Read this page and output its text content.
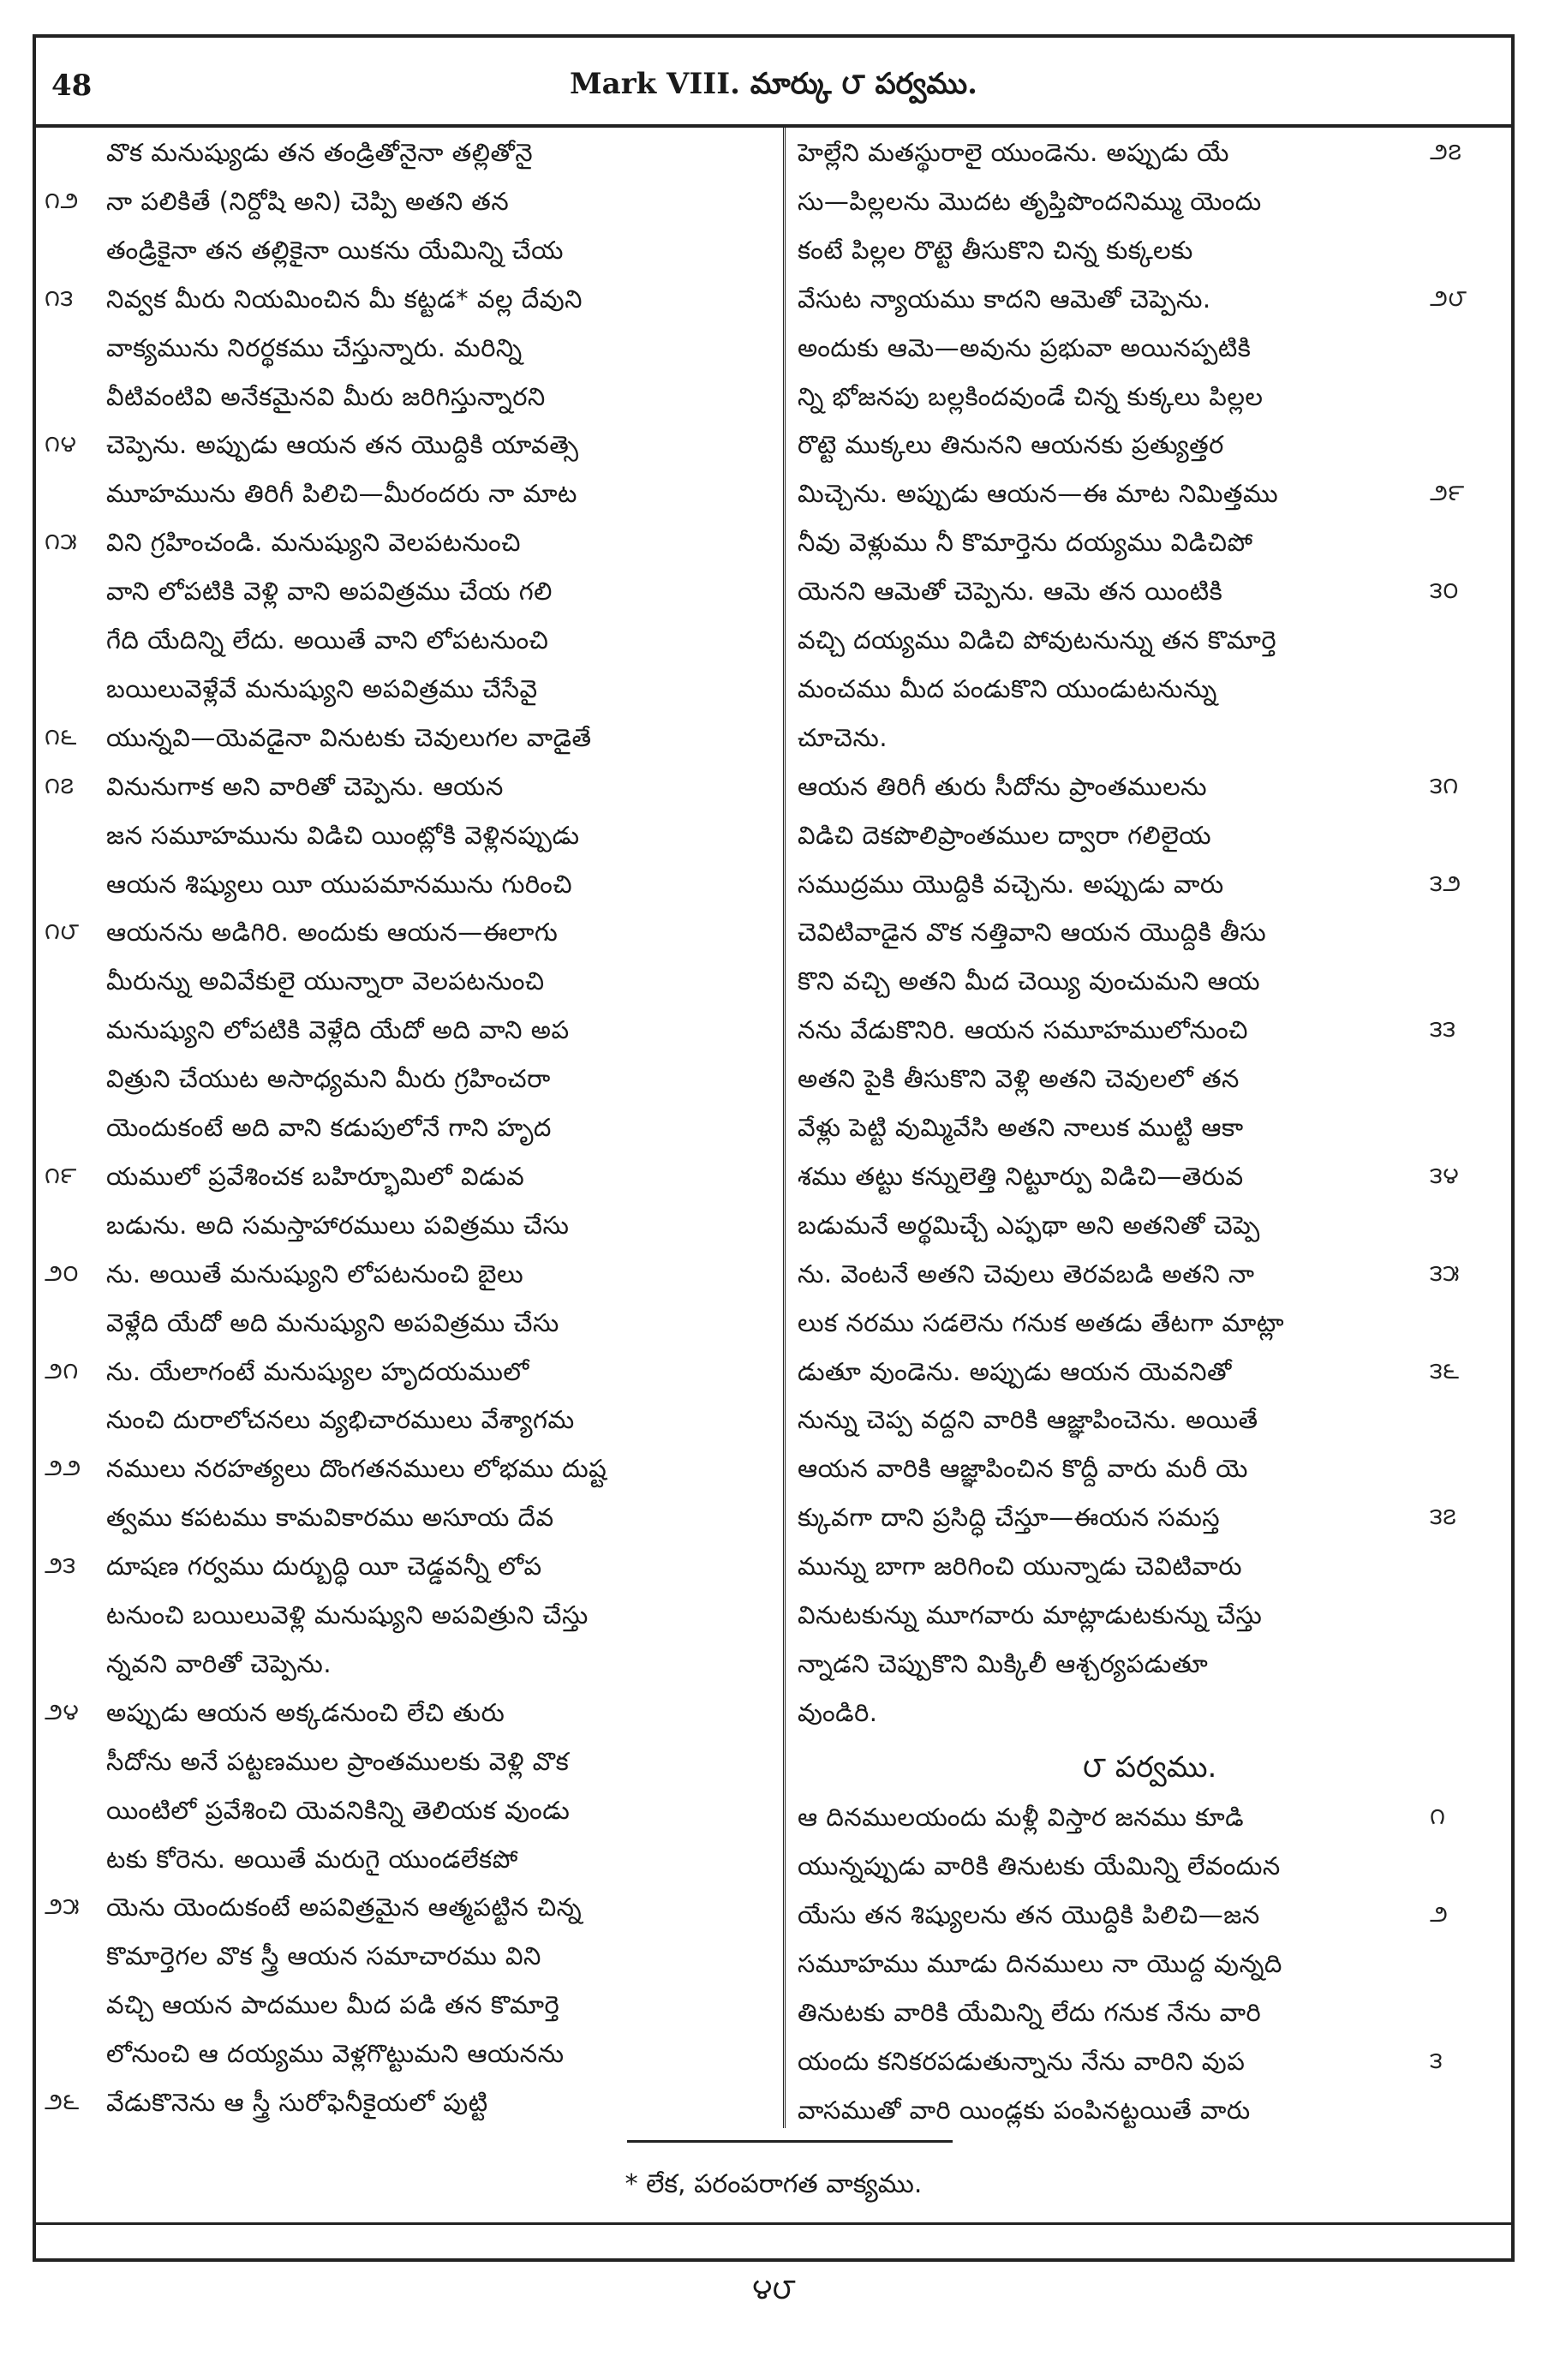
48	Mark VIII. మార్కు ౮ పర్వము.
వొక మనుష్యుడు తన తండ్రితోనైనా తల్లితోనై
౧౨	నా పలికితే (నిర్దోషి అని) చెప్పి అతని తన
తండ్రికైనా తన తల్లికైనా యికను యేమిన్ని చేయ
౧౩	నివ్వక మీరు నియమించిన మీ కట్టడ* వల్ల దేవుని
వాక్యమును నిరర్థకము చేస్తున్నారు. మరిన్ని
వీటివంటివి అనేకమైనవి మీరు జరిగిస్తున్నారని
౧౪	చెప్పెను. అప్పుడు ఆయన తన యొద్దికి యావత్సె
మూహమును తిరిగీ పిలిచి—మీరందరు నా మాట
౧౫	విని గ్రహించండి. మనుష్యుని వెలపటనుంచి
వాని లోపటికి వెళ్లి వాని అపవిత్రము చేయ గలి
గేది యేదిన్ని లేదు. అయితే వాని లోపటనుంచి
బయిలువెళ్లేవే మనుష్యుని అపవిత్రము చేసేవై
౧౬	యున్నవి—యెవడైనా వినుటకు చెవులుగల వాడైతే
౧౭	వినునుగాక అని వారితో చెప్పెను. ఆయన
జన సమూహమును విడిచి యింట్లోకి వెళ్లినప్పుడు
ఆయన శిష్యులు యీ యుపమానమును గురించి
౧౮	ఆయనను అడిగిరి. అందుకు ఆయన—ఈలాగు
మీరున్ను అవివేకులై యున్నారా వెలపటనుంచి
మనుష్యుని లోపటికి వెళ్లేది యేదో అది వాని అప
విత్రుని చేయుట అసాధ్యమని మీరు గ్రహించరా
యెందుకంటే అది వాని కడుపులోనే గాని హృద
౧౯	యములో ప్రవేశించక బహిర్భూమిలో విడువ
బడును. అది సమస్తాహారములు పవిత్రము చేసు
౨౦	ను. అయితే మనుష్యుని లోపటనుంచి బైలు
వెళ్లేది యేదో అది మనుష్యుని అపవిత్రము చేసు
౨౧	ను. యేలాగంటే మనుష్యుల హృదయములో
నుంచి దురాలోచనలు వ్యభిచారములు వేశ్యాగమ
౨౨	నములు నరహత్యలు దొంగతనములు లోభము దుష్ట
త్వము కపటము కామవికారము అసూయ దేవ
౨౩	దూషణ గర్వము దుర్బుద్ధి యీ చెడ్డవన్నీ లోప
టనుంచి బయిలువెళ్లి మనుష్యుని అపవిత్రుని చేస్తు
న్నవని వారితో చెప్పెను.
౨౪	అప్పుడు ఆయన అక్కడనుంచి లేచి తురు
సీదోను అనే పట్టణముల ప్రాంతములకు వెళ్లి వొక
యింటిలో ప్రవేశించి యెవనికిన్ని తెలియక వుండు
టకు కోరెను. అయితే మరుగై యుండలేకపో
౨౫	యెను యెందుకంటే అపవిత్రమైన ఆత్మపట్టిన చిన్న
కొమార్తెగల వొక స్త్రీ ఆయన సమాచారము విని
వచ్చి ఆయన పాదముల మీద పడి తన కొమార్తె
లోనుంచి ఆ దయ్యము వెళ్లగొట్టుమని ఆయనను
౨౬	వేడుకొనెను ఆ స్త్రీ సురోఫెనీకైయలో పుట్టి
హెల్లేని మతస్థురాలై యుండెను. అప్పుడు యే	౨౭
సు—పిల్లలను మొదట తృప్తిపొందనిమ్ము యెందు
కంటే పిల్లల రొట్టె తీసుకొని చిన్న కుక్కలకు
వేసుట న్యాయము కాదని ఆమెతో చెప్పెను.	౨౮
అందుకు ఆమె—అవును ప్రభువా అయినప్పటికి
న్ని భోజనపు బల్లకిందవుండే చిన్న కుక్కలు పిల్లల
రొట్టె ముక్కలు తినునని ఆయనకు ప్రత్యుత్తర
మిచ్చెను. అప్పుడు ఆయన—ఈ మాట నిమిత్తము	౨౯
నీవు వెళ్లుము నీ కొమార్తెను దయ్యము విడిచిపో
యెనని ఆమెతో చెప్పెను. ఆమె తన యింటికి	౩౦
వచ్చి దయ్యము విడిచి పోవుటనున్ను తన కొమార్తె
మంచము మీద పండుకొని యుండుటనున్ను
చూచెను.
ఆయన తిరిగీ తురు సీదోను ప్రాంతములను	౩౧
విడిచి దెకపొలిప్రాంతముల ద్వారా గలిలైయ
సముద్రము యొద్దికి వచ్చెను. అప్పుడు వారు	౩౨
చెవిటివాడైన వొక నత్తివాని ఆయన యొద్దికి తీసు
కొని వచ్చి అతని మీద చెయ్యి వుంచుమని ఆయ
నను వేడుకొనిరి. ఆయన సమూహములోనుంచి	౩౩
అతని పైకి తీసుకొని వెళ్లి అతని చెవులలో తన
వేళ్లు పెట్టి వుమ్మివేసి అతని నాలుక ముట్టి ఆకా
శము తట్టు కన్నులెత్తి నిట్టూర్పు విడిచి—తెరువ	౩౪
బడుమనే అర్థమిచ్చే ఎప్ఫథా అని అతనితో చెప్పె
ను. వెంటనే అతని చెవులు తెరవబడి అతని నా	౩౫
లుక నరము సడలెను గనుక అతడు తేటగా మాట్లా
డుతూ వుండెను. అప్పుడు ఆయన యెవనితో	౩౬
నున్ను చెప్ప వద్దని వారికి ఆజ్ఞాపించెను. అయితే
ఆయన వారికి ఆజ్ఞాపించిన కొద్దీ వారు మరీ యె
క్కువగా దాని ప్రసిద్ధి చేస్తూ—ఈయన సమస్త	౩౭
మున్ను బాగా జరిగించి యున్నాడు చెవిటివారు
వినుటకున్ను మూగవారు మాట్లాడుటకున్ను చేస్తు
న్నాడని చెప్పుకొని మిక్కిలీ ఆశ్చర్యపడుతూ
వుండిరి.
౮ పర్వము.
ఆ దినములయందు మళ్లీ విస్తార జనము కూడి	౧
యున్నప్పుడు వారికి తినుటకు యేమిన్ని లేవందున
యేసు తన శిష్యులను తన యొద్దికి పిలిచి—జన	౨
సమూహము మూడు దినములు నా యొద్ద వున్నది
తినుటకు వారికి యేమిన్ని లేదు గనుక నేను వారి
యందు కనికరపడుతున్నాను నేను వారిని వుప	౩
వాసముతో వారి యిండ్లకు పంపినట్టయితే వారు
* లేక, పరంపరాగత వాక్యము.
౪౮
